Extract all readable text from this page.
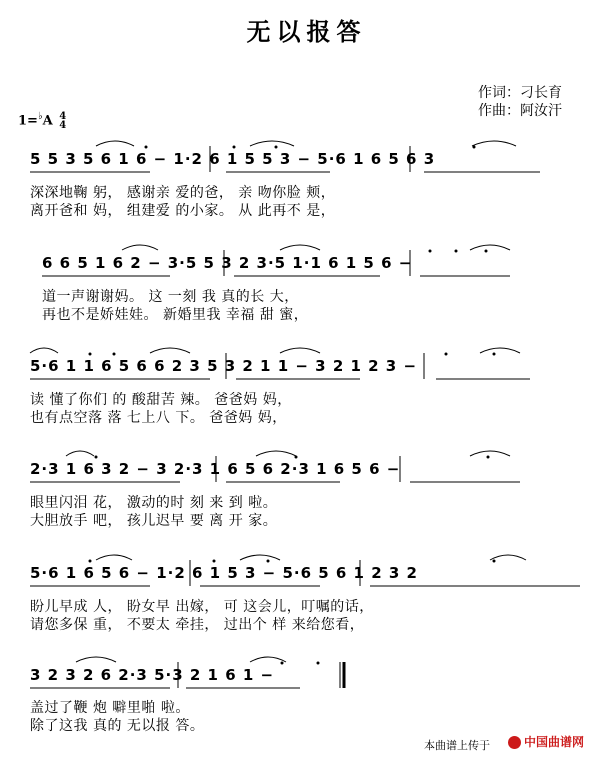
无以报答
作词：刁长育
作曲：阿汝汗
1=♭A 4
4
5 5 3 5 6 1 6 − 1·2 6 1 5 5 3 − 5·6 1 6 5 6 3
深深地鞠 躬， 感谢亲 爱的爸， 亲 吻你脸 颊，
离开爸和 妈， 组建爱 的小家。 从 此再不 是，
6 6 5 1 6 2 − 3·5 5 3 2 3·5 1·1 6 1 5 6 −
道一声谢谢妈。 这 一刻 我 真的长 大，
再也不是娇娃娃。 新婚里我 幸福 甜 蜜，
5·6 1 1 6 5 6 6 2 3 5 3 2 1 1 − 3 2 1 2 3 −
读 懂了你们 的 酸甜苦 辣。 爸爸妈 妈，
也有点空落 落 七上八 下。 爸爸妈 妈，
2·3 1 6 3 2 − 3 2·3 1 6 5 6 2·3 1 6 5 6 −
眼里闪泪 花， 激动的时 刻 来 到 啦。
大胆放手 吧， 孩儿迟早 要 离 开 家。
5·6 1 6 5 6 − 1·2 6 1 5 3 − 5·6 5 6 1 2 3 2
盼儿早成 人， 盼女早 出嫁， 可 这会儿，叮嘱的话，
请您多保 重， 不要太 牵挂， 过出个 样 来给您看，
3 2 3 2 6 2·3 5·3 2 1 6 1 −
盖过了鞭 炮 噼里啪 啦。
除了这我 真的 无以报 答。
本曲谱上传于	中国曲谱网
